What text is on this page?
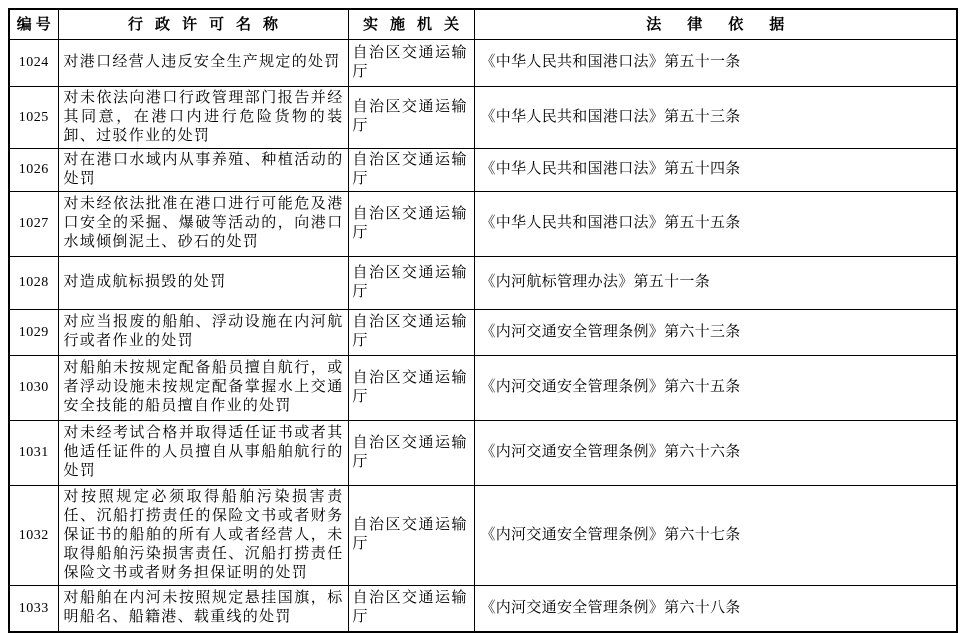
编号	行政许可名称	实施机关	法律依据
1024	对港口经营人违反安全生产规定的处罚	自治区交通运输厅	《中华人民共和国港口法》第五十一条
1025	对未依法向港口行政管理部门报告并经其同意，在港口内进行危险货物的装卸、过驳作业的处罚	自治区交通运输厅	《中华人民共和国港口法》第五十三条
1026	对在港口水域内从事养殖、种植活动的处罚	自治区交通运输厅	《中华人民共和国港口法》第五十四条
1027	对未经依法批准在港口进行可能危及港口安全的采掘、爆破等活动的，向港口水域倾倒泥土、砂石的处罚	自治区交通运输厅	《中华人民共和国港口法》第五十五条
1028	对造成航标损毁的处罚	自治区交通运输厅	《内河航标管理办法》第五十一条
1029	对应当报废的船舶、浮动设施在内河航行或者作业的处罚	自治区交通运输厅	《内河交通安全管理条例》第六十三条
1030	对船舶未按规定配备船员擅自航行，或者浮动设施未按规定配备掌握水上交通安全技能的船员擅自作业的处罚	自治区交通运输厅	《内河交通安全管理条例》第六十五条
1031	对未经考试合格并取得适任证书或者其他适任证件的人员擅自从事船舶航行的处罚	自治区交通运输厅	《内河交通安全管理条例》第六十六条
1032	对按照规定必须取得船舶污染损害责任、沉船打捞责任的保险文书或者财务保证书的船舶的所有人或者经营人，未取得船舶污染损害责任、沉船打捞责任保险文书或者财务担保证明的处罚	自治区交通运输厅	《内河交通安全管理条例》第六十七条
1033	对船舶在内河未按照规定悬挂国旗，标明船名、船籍港、载重线的处罚	自治区交通运输厅	《内河交通安全管理条例》第六十八条
